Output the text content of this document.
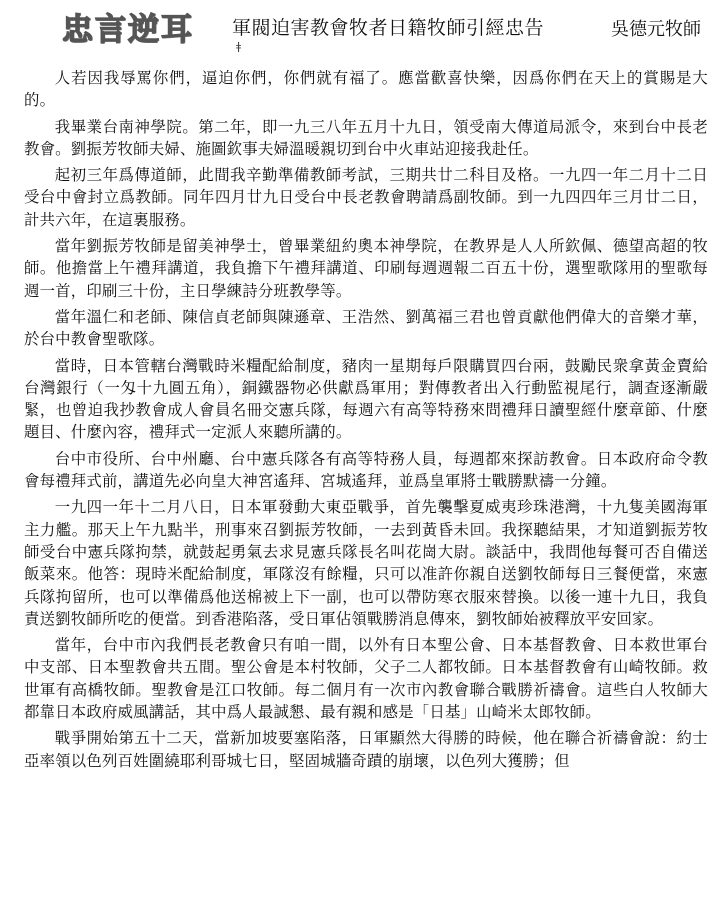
忠言逆耳 軍閥迫害教會牧者日籍牧師引經忠告	吳德元牧師
ǂ

人若因我辱罵你們，逼迫你們，你們就有福了。應當歡喜快樂，因爲你們在天上的賞賜是大的。

我畢業台南神學院。第二年，即一九三八年五月十九日，領受南大傳道局派令，來到台中長老教會。劉振芳牧師夫婦、施圖欽事夫婦溫暖親切到台中火車站迎接我赴任。

起初三年爲傳道師，此間我辛勤準備教師考試，三期共廿二科目及格。一九四一年二月十二日受台中會封立爲教師。同年四月廿九日受台中長老教會聘請爲副牧師。到一九四四年三月廿二日，計共六年，在這裏服務。

當年劉振芳牧師是留美神學士，曾畢業紐約奧本神學院，在教界是人人所欽佩、德望高超的牧師。他擔當上午禮拜講道，我負擔下午禮拜講道、印刷每週週報二百五十份，選聖歌隊用的聖歌每週一首，印刷三十份，主日學練詩分班教學等。

當年溫仁和老師、陳信貞老師與陳遜章、王浩然、劉萬福三君也曾貢獻他們偉大的音樂才華，於台中教會聖歌隊。

當時，日本管轄台灣戰時米糧配給制度，豬肉一星期每戶限購買四台兩，鼓勵民衆拿黃金賣給台灣銀行（一匁十九圓五角），銅鐵器物必供獻爲軍用；對傳教者出入行動監視尾行，調查逐漸嚴緊，也曾迫我抄教會成人會員名冊交憲兵隊，每週六有高等特務來問禮拜日讀聖經什麼章節、什麼題目、什麼內容，禮拜式一定派人來聽所講的。

台中市役所、台中州廳、台中憲兵隊各有高等特務人員，每週都來探訪教會。日本政府命令教會每禮拜式前，講道先必向皇大神宮遙拜、宮城遙拜，並爲皇軍將士戰勝默禱一分鐘。

一九四一年十二月八日，日本軍發動大東亞戰爭，首先襲擊夏威夷珍珠港灣，十九隻美國海軍主力艦。那天上午九點半，刑事來召劉振芳牧師，一去到黃昏未回。我探聽結果，才知道劉振芳牧師受台中憲兵隊拘禁，就鼓起勇氣去求見憲兵隊長名叫花崗大尉。談話中，我問他每餐可否自備送飯菜來。他答：現時米配給制度，軍隊沒有餘糧，只可以准許你親自送劉牧師每日三餐便當，來憲兵隊拘留所，也可以準備爲他送棉被上下一副，也可以帶防寒衣服來替換。以後一連十九日，我負責送劉牧師所吃的便當。到香港陷落，受日軍佔領戰勝消息傳來，劉牧師始被釋放平安回家。

當年，台中市內我們長老教會只有咱一間，以外有日本聖公會、日本基督教會、日本救世軍台中支部、日本聖教會共五間。聖公會是本村牧師，父子二人都牧師。日本基督教會有山崎牧師。救世軍有高橋牧師。聖教會是江口牧師。每二個月有一次市內教會聯合戰勝祈禱會。這些白人牧師大都靠日本政府威風講話，其中爲人最誠懇、最有親和感是「日基」山崎米太郎牧師。

戰爭開始第五十二天，當新加坡要塞陷落，日軍顯然大得勝的時候，他在聯合祈禱會說：約士亞率領以色列百姓圍繞耶利哥城七日，堅固城牆奇蹟的崩壞，以色列大獲勝；但
